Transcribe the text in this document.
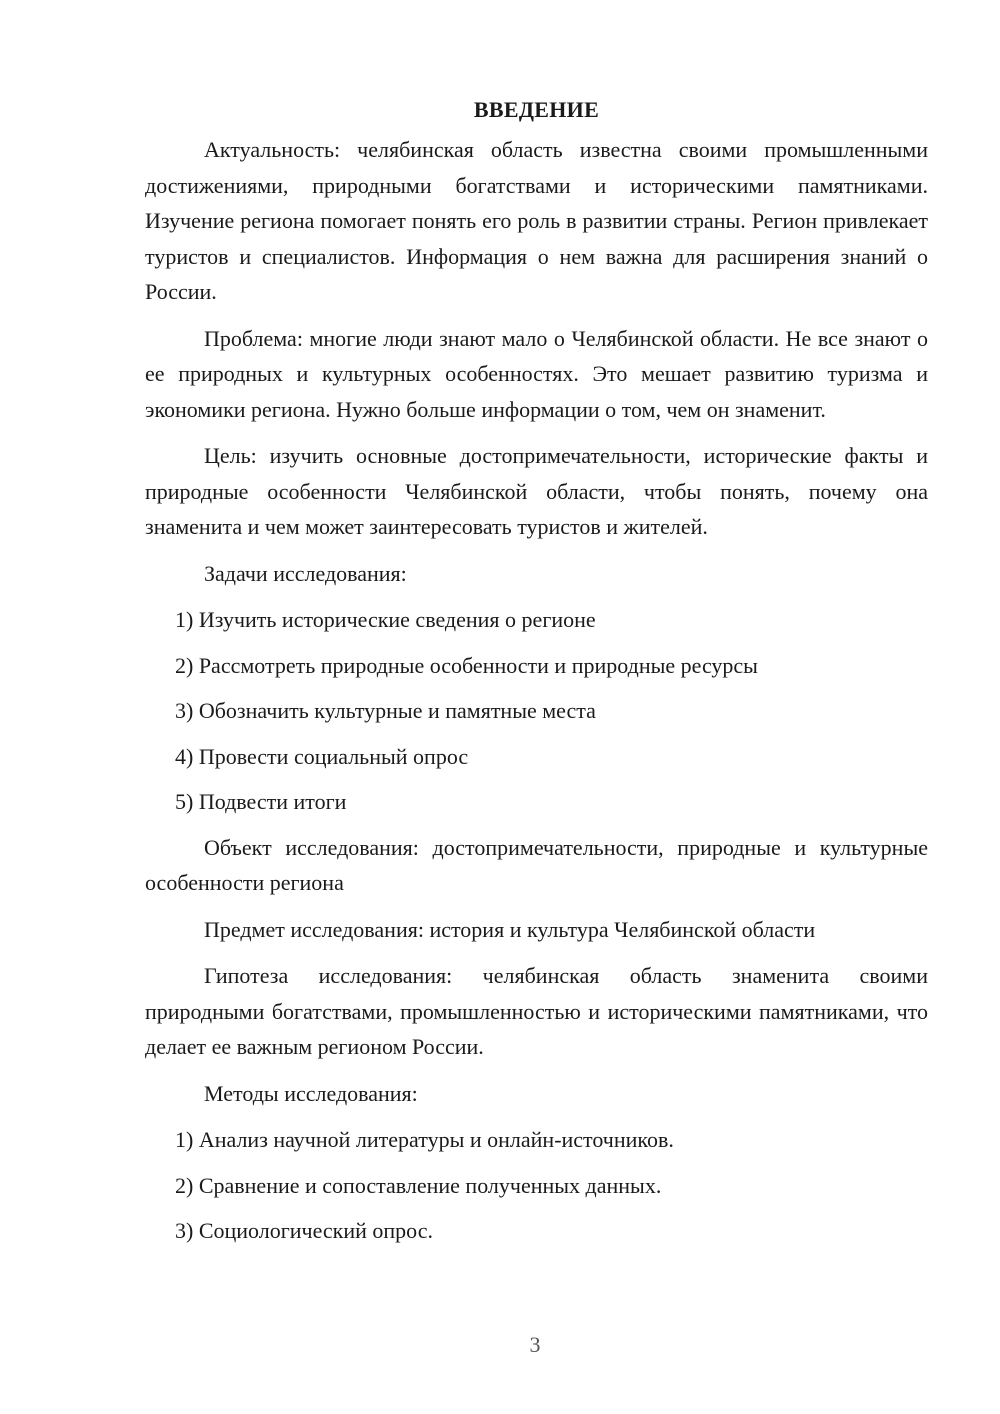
ВВЕДЕНИЕ

Актуальность: челябинская область известна своими промышленными достижениями, природными богатствами и историческими памятниками. Изучение региона помогает понять его роль в развитии страны. Регион привлекает туристов и специалистов. Информация о нем важна для расширения знаний о России.

Проблема: многие люди знают мало о Челябинской области. Не все знают о ее природных и культурных особенностях. Это мешает развитию туризма и экономики региона. Нужно больше информации о том, чем он знаменит.

Цель: изучить основные достопримечательности, исторические факты и природные особенности Челябинской области, чтобы понять, почему она знаменита и чем может заинтересовать туристов и жителей.

Задачи исследования:

1) Изучить исторические сведения о регионе

2) Рассмотреть природные особенности и природные ресурсы

3) Обозначить культурные и памятные места

4) Провести социальный опрос

5) Подвести итоги

Объект исследования: достопримечательности, природные и культурные особенности региона

Предмет исследования: история и культура Челябинской области

Гипотеза исследования: челябинская область знаменита своими природными богатствами, промышленностью и историческими памятниками, что делает ее важным регионом России.

Методы исследования:

1) Анализ научной литературы и онлайн-источников.

2) Сравнение и сопоставление полученных данных.

3) Социологический опрос.

3
